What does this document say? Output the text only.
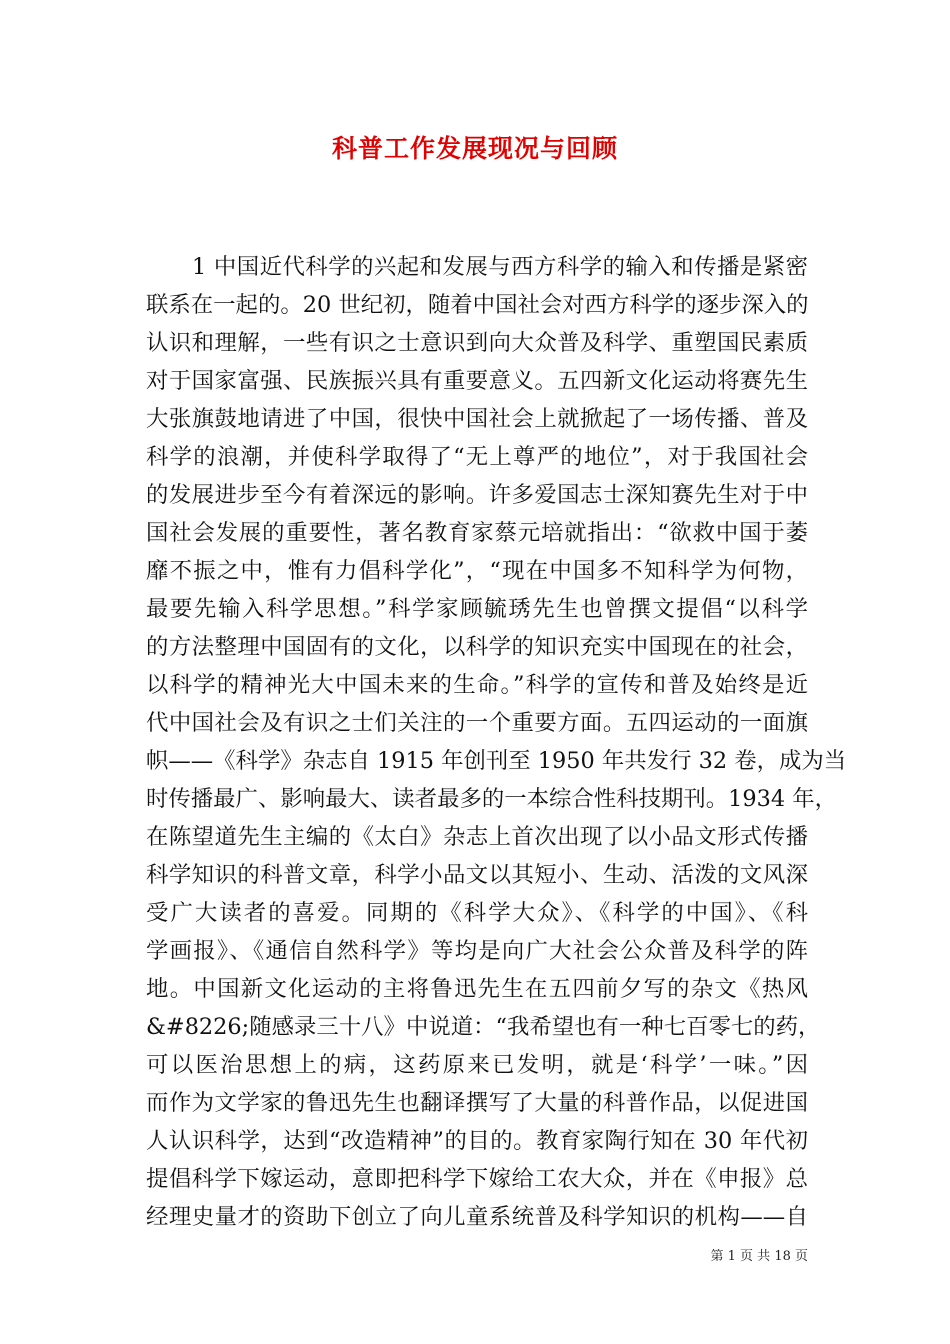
科普工作发展现况与回顾
1 中国近代科学的兴起和发展与西方科学的输入和传播是紧密
联系在一起的。20 世纪初，随着中国社会对西方科学的逐步深入的
认识和理解，一些有识之士意识到向大众普及科学、重塑国民素质
对于国家富强、民族振兴具有重要意义。五四新文化运动将赛先生
大张旗鼓地请进了中国，很快中国社会上就掀起了一场传播、普及
科学的浪潮，并使科学取得了“无上尊严的地位”，对于我国社会
的发展进步至今有着深远的影响。许多爱国志士深知赛先生对于中
国社会发展的重要性，著名教育家蔡元培就指出：“欲救中国于萎
靡不振之中，惟有力倡科学化”，“现在中国多不知科学为何物，
最要先输入科学思想。”科学家顾毓琇先生也曾撰文提倡“以科学
的方法整理中国固有的文化，以科学的知识充实中国现在的社会，
以科学的精神光大中国未来的生命。”科学的宣传和普及始终是近
代中国社会及有识之士们关注的一个重要方面。五四运动的一面旗
帜——《科学》杂志自 1915 年创刊至 1950 年共发行 32 卷，成为当
时传播最广、影响最大、读者最多的一本综合性科技期刊。1934 年，
在陈望道先生主编的《太白》杂志上首次出现了以小品文形式传播
科学知识的科普文章，科学小品文以其短小、生动、活泼的文风深
受广大读者的喜爱。同期的《科学大众》、《科学的中国》、《科
学画报》、《通信自然科学》等均是向广大社会公众普及科学的阵
地。中国新文化运动的主将鲁迅先生在五四前夕写的杂文《热风
&#8226;随感录三十八》中说道：“我希望也有一种七百零七的药，
可以医治思想上的病，这药原来已发明，就是‘科学’一味。”因
而作为文学家的鲁迅先生也翻译撰写了大量的科普作品，以促进国
人认识科学，达到“改造精神”的目的。教育家陶行知在 30 年代初
提倡科学下嫁运动，意即把科学下嫁给工农大众，并在《申报》总
经理史量才的资助下创立了向儿童系统普及科学知识的机构——自
第 1 页 共 18 页
